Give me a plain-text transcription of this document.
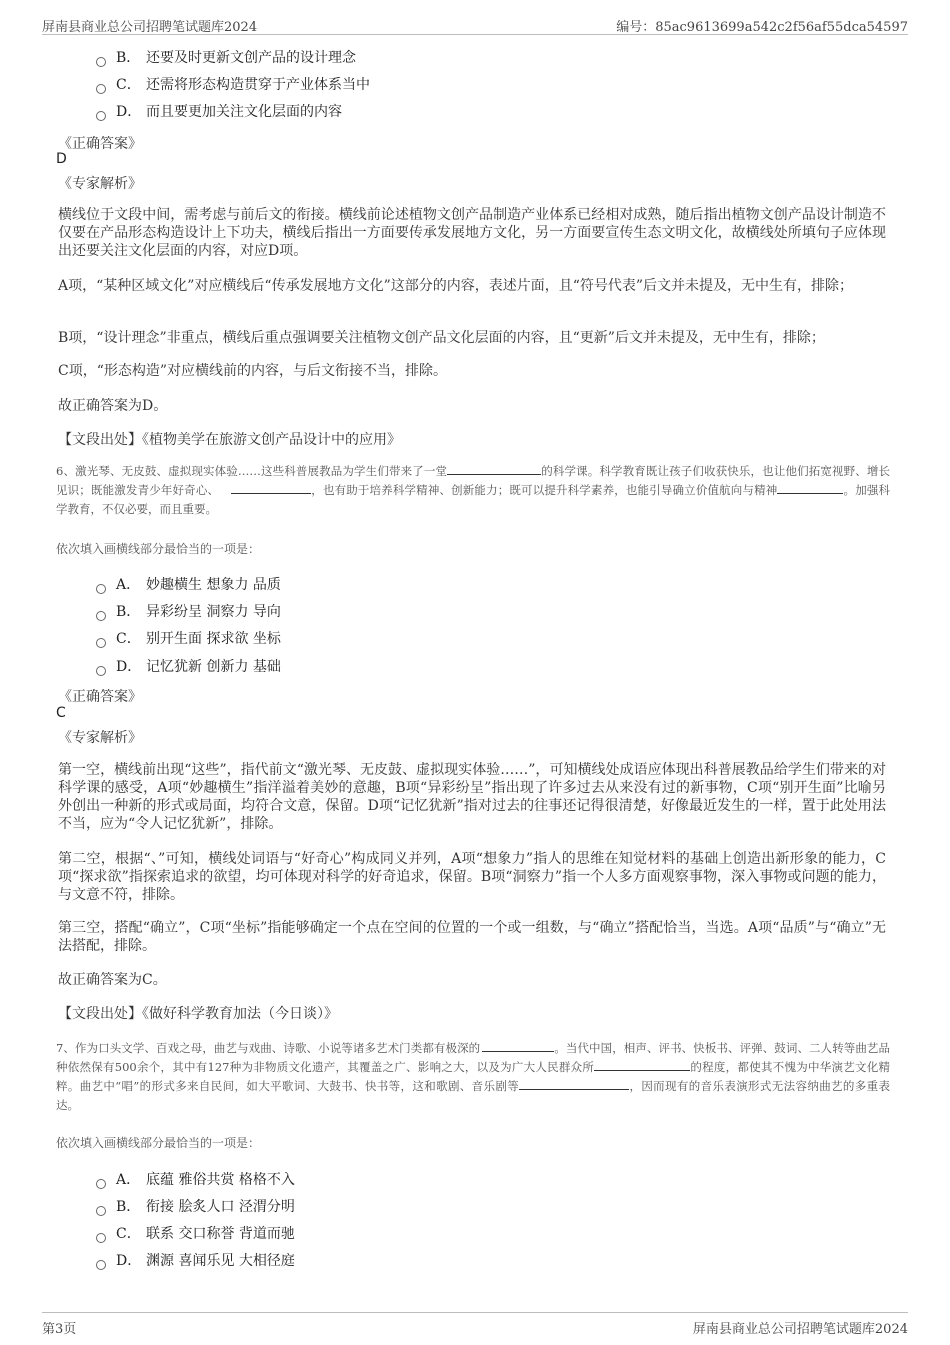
屏南县商业总公司招聘笔试题库2024	编号：85ac9613699a542c2f56af55dca54597
B． 还要及时更新文创产品的设计理念
C． 还需将形态构造贯穿于产业体系当中
D． 而且要更加关注文化层面的内容
《正确答案》
D
《专家解析》
横线位于文段中间，需考虑与前后文的衔接。横线前论述植物文创产品制造产业体系已经相对成熟，随后指出植物文创产品设计制造不仅要在产品形态构造设计上下功夫，横线后指出一方面要传承发展地方文化，另一方面要宣传生态文明文化，故横线处所填句子应体现出还要关注文化层面的内容，对应D项。
A项，“某种区域文化”对应横线后“传承发展地方文化”这部分的内容，表述片面，且“符号代表”后文并未提及，无中生有，排除；
B项，“设计理念”非重点，横线后重点强调要关注植物文创产品文化层面的内容，且“更新”后文并未提及，无中生有，排除；
C项，“形态构造”对应横线前的内容，与后文衔接不当，排除。
故正确答案为D。
【文段出处】《植物美学在旅游文创产品设计中的应用》
6、激光琴、无皮鼓、虚拟现实体验……这些科普展教品为学生们带来了一堂	的科学课。科学教育既让孩子们收获快乐，也让他们拓宽视野、增长见识；既能激发青少年好奇心、	，也有助于培养科学精神、创新能力；既可以提升科学素养，也能引导确立价值航向与精神	。加强科学教育，不仅必要，而且重要。
依次填入画横线部分最恰当的一项是：
A． 妙趣横生 想象力 品质
B． 异彩纷呈 洞察力 导向
C． 别开生面 探求欲 坐标
D． 记忆犹新 创新力 基础
《正确答案》
C
《专家解析》
第一空，横线前出现“这些”，指代前文“激光琴、无皮鼓、虚拟现实体验……”，可知横线处成语应体现出科普展教品给学生们带来的对科学课的感受，A项“妙趣横生”指洋溢着美妙的意趣，B项“异彩纷呈”指出现了许多过去从来没有过的新事物，C项“别开生面”比喻另外创出一种新的形式或局面，均符合文意，保留。D项“记忆犹新”指对过去的往事还记得很清楚，好像最近发生的一样，置于此处用法不当，应为“令人记忆犹新”，排除。
第二空，根据“、”可知，横线处词语与“好奇心”构成同义并列，A项“想象力”指人的思维在知觉材料的基础上创造出新形象的能力，C项“探求欲”指探索追求的欲望，均可体现对科学的好奇追求，保留。B项“洞察力”指一个人多方面观察事物，深入事物或问题的能力，与文意不符，排除。
第三空，搭配“确立”，C项“坐标”指能够确定一个点在空间的位置的一个或一组数，与“确立”搭配恰当，当选。A项“品质”与“确立”无法搭配，排除。
故正确答案为C。
【文段出处】《做好科学教育加法（今日谈）》
7、作为口头文学、百戏之母，曲艺与戏曲、诗歌、小说等诸多艺术门类都有极深的	。当代中国，相声、评书、快板书、评弹、鼓词、二人转等曲艺品种依然保有500余个，其中有127种为非物质文化遗产，其覆盖之广、影响之大，以及为广大人民群众所	的程度，都使其不愧为中华演艺文化精粹。曲艺中“唱”的形式多来自民间，如大平歌词、大鼓书、快书等，这和歌剧、音乐剧等	，因而现有的音乐表演形式无法容纳曲艺的多重表达。
依次填入画横线部分最恰当的一项是：
A． 底蕴 雅俗共赏 格格不入
B． 衔接 脍炙人口 泾渭分明
C． 联系 交口称誉 背道而驰
D． 渊源 喜闻乐见 大相径庭
第3页	屏南县商业总公司招聘笔试题库2024
